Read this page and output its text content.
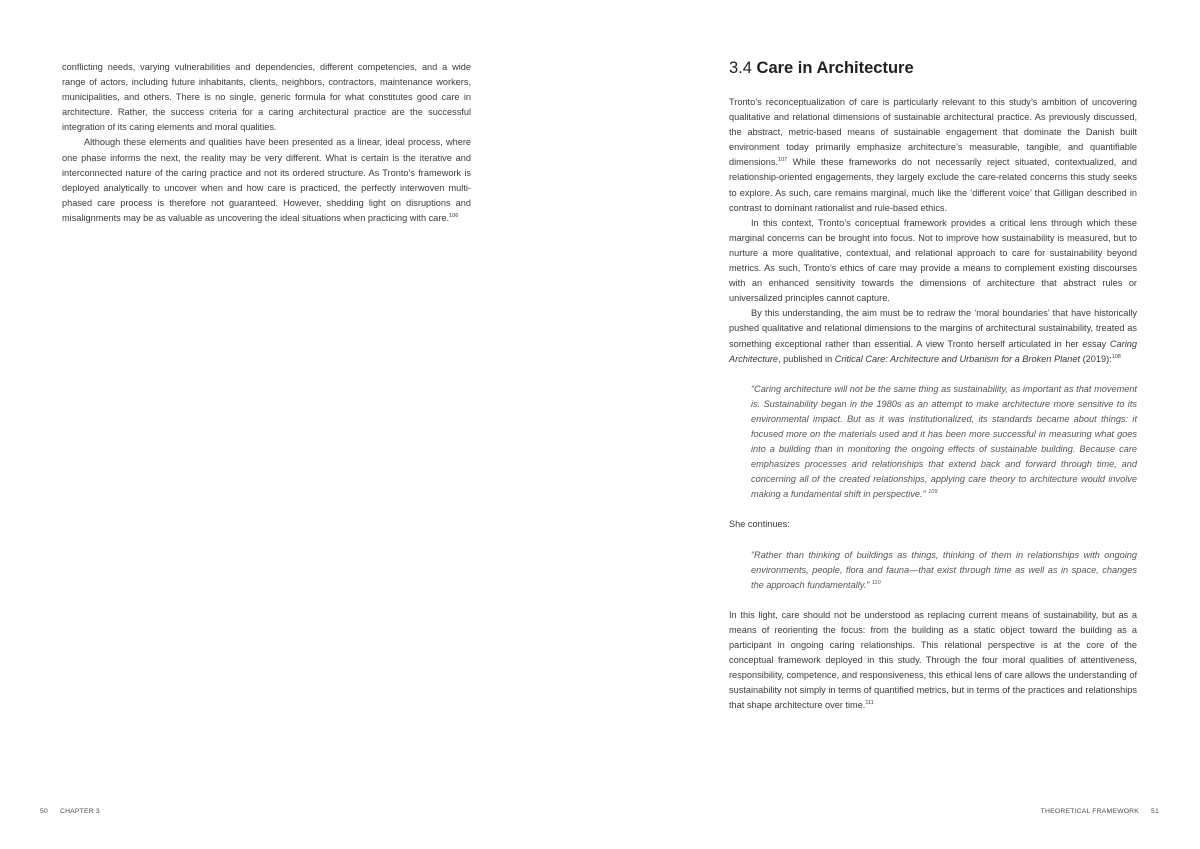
conflicting needs, varying vulnerabilities and dependencies, different competencies, and a wide range of actors, including future inhabitants, clients, neighbors, contractors, maintenance workers, municipalities, and others. There is no single, generic formula for what constitutes good care in architecture. Rather, the success criteria for a caring architectural practice are the successful integration of its caring elements and moral qualities.

Although these elements and qualities have been presented as a linear, ideal process, where one phase informs the next, the reality may be very different. What is certain is the iterative and interconnected nature of the caring practice and not its ordered structure. As Tronto’s framework is deployed analytically to uncover when and how care is practiced, the perfectly interwoven multi-phased care process is therefore not guaranteed. However, shedding light on disruptions and misalignments may be as valuable as uncovering the ideal situations when practicing with care.$^{106}$

50 CHAPTER 3
3.4 Care in Architecture

Tronto’s reconceptualization of care is particularly relevant to this study’s ambition of uncovering qualitative and relational dimensions of sustainable architectural practice. As previously discussed, the abstract, metric-based means of sustainable engagement that dominate the Danish built environment today primarily emphasize architecture’s measurable, tangible, and quantifiable dimensions.$^{107}$ While these frameworks do not necessarily reject situated, contextualized, and relationship-oriented engagements, they largely exclude the care-related concerns this study seeks to explore. As such, care remains marginal, much like the ‘different voice’ that Gilligan described in contrast to dominant rationalist and rule-based ethics.

In this context, Tronto’s conceptual framework provides a critical lens through which these marginal concerns can be brought into focus. Not to improve how sustainability is measured, but to nurture a more qualitative, contextual, and relational approach to care for sustainability beyond metrics. As such, Tronto’s ethics of care may provide a means to complement existing discourses with an enhanced sensitivity towards the dimensions of architecture that abstract rules or universalized principles cannot capture.

By this understanding, the aim must be to redraw the ‘moral boundaries’ that have historically pushed qualitative and relational dimensions to the margins of architectural sustainability, treated as something exceptional rather than essential. A view Tronto herself articulated in her essay Caring Architecture, published in Critical Care: Architecture and Urbanism for a Broken Planet (2019):$^{108}$

“Caring architecture will not be the same thing as sustainability, as important as that movement is. Sustainability began in the 1980s as an attempt to make architecture more sensitive to its environmental impact. But as it was institutionalized, its standards became about things: it focused more on the materials used and it has been more successful in measuring what goes into a building than in monitoring the ongoing effects of sustainable building. Because care emphasizes processes and relationships that extend back and forward through time, and concerning all of the created relationships, applying care theory to architecture would involve making a fundamental shift in perspective.” $^{109}$

She continues:

“Rather than thinking of buildings as things, thinking of them in relationships with ongoing environments, people, flora and fauna—that exist through time as well as in space, changes the approach fundamentally.” $^{110}$

In this light, care should not be understood as replacing current means of sustainability, but as a means of reorienting the focus: from the building as a static object toward the building as a participant in ongoing caring relationships. This relational perspective is at the core of the conceptual framework deployed in this study. Through the four moral qualities of attentiveness, responsibility, competence, and responsiveness, this ethical lens of care allows the understanding of sustainability not simply in terms of quantified metrics, but in terms of the practices and relationships that shape architecture over time.$^{111}$

THEORETICAL FRAMEWORK 51
